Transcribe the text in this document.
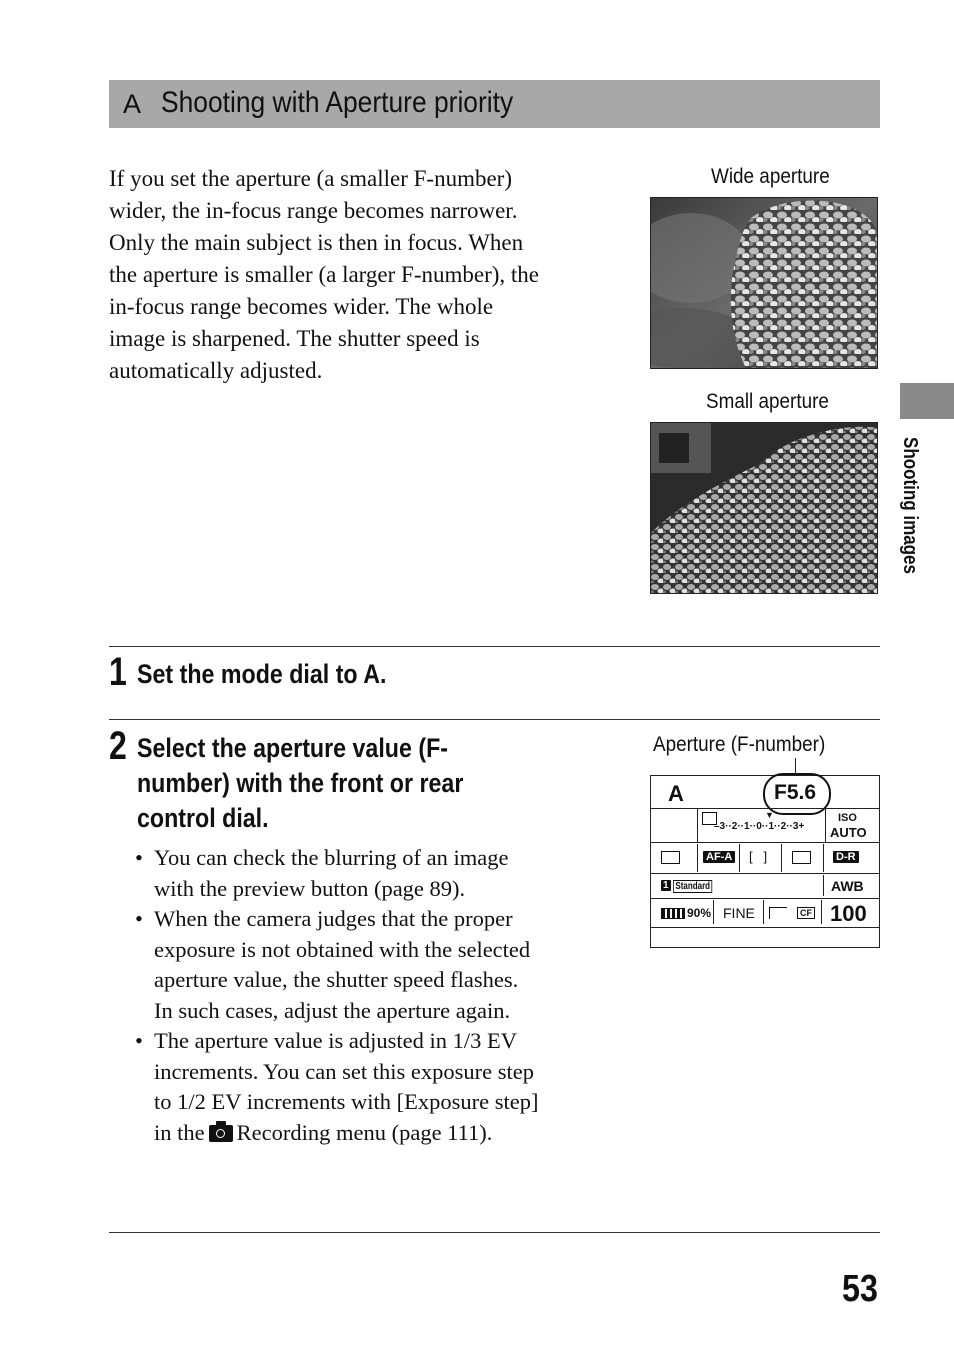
A Shooting with Aperture priority
If you set the aperture (a smaller F-number) wider, the in-focus range becomes narrower. Only the main subject is then in focus. When the aperture is smaller (a larger F-number), the in-focus range becomes wider. The whole image is sharpened. The shutter speed is automatically adjusted.
Wide aperture
Small aperture
Shooting images
1 Set the mode dial to A.
2 Select the aperture value (F-number) with the front or rear control dial.
• You can check the blurring of an image with the preview button (page 89).
• When the camera judges that the proper exposure is not obtained with the selected aperture value, the shutter speed flashes. In such cases, adjust the aperture again.
• The aperture value is adjusted in 1/3 EV increments. You can set this exposure step to 1/2 EV increments with [Exposure step] in the Recording menu (page 111).
Aperture (F-number)
A	F5.6
▼
–3··2··1··0··1··2··3+
ISO
AUTO
AF-A [   ]	D-R
1 Standard	AWB
90% FINE	CF 100
53
